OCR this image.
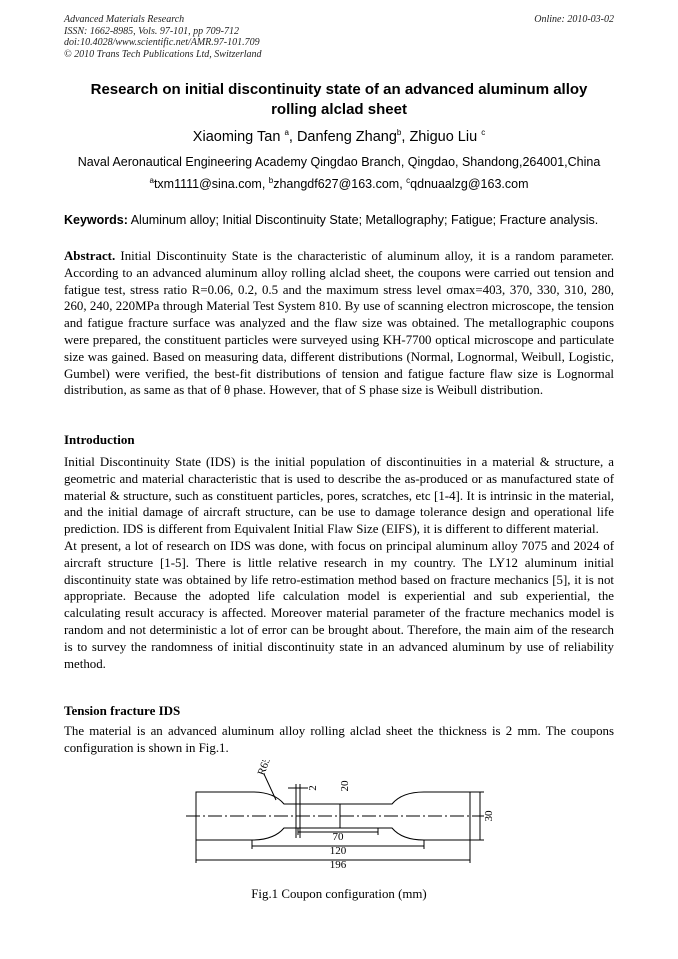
Advanced Materials Research
ISSN: 1662-8985, Vols. 97-101, pp 709-712
doi:10.4028/www.scientific.net/AMR.97-101.709
© 2010 Trans Tech Publications Ltd, Switzerland
Online: 2010-03-02
Research on initial discontinuity state of an advanced aluminum alloy rolling alclad sheet
Xiaoming Tan $^a$, Danfeng Zhang$^b$, Zhiguo Liu $^c$
Naval Aeronautical Engineering Academy Qingdao Branch, Qingdao, Shandong,264001,China
$^a$txm1111@sina.com, $^b$zhangdf627@163.com, $^c$qdnuaalzg@163.com
Keywords: Aluminum alloy; Initial Discontinuity State; Metallography; Fatigue; Fracture analysis.
Abstract. Initial Discontinuity State is the characteristic of aluminum alloy, it is a random parameter. According to an advanced aluminum alloy rolling alclad sheet, the coupons were carried out tension and fatigue test, stress ratio R=0.06, 0.2, 0.5 and the maximum stress level σmax=403, 370, 330, 310, 280, 260, 240, 220MPa through Material Test System 810. By use of scanning electron microscope, the tension and fatigue fracture surface was analyzed and the flaw size was obtained. The metallographic coupons were prepared, the constituent particles were surveyed using KH-7700 optical microscope and particulate size was gained. Based on measuring data, different distributions (Normal, Lognormal, Weibull, Logistic, Gumbel) were verified, the best-fit distributions of tension and fatigue facture flaw size is Lognormal distribution, as same as that of θ phase. However, that of S phase size is Weibull distribution.
Introduction
Initial Discontinuity State (IDS) is the initial population of discontinuities in a material & structure, a geometric and material characteristic that is used to describe the as-produced or as manufactured state of material & structure, such as constituent particles, pores, scratches, etc [1-4]. It is intrinsic in the material, and the initial damage of aircraft structure, can be use to damage tolerance design and operational life prediction. IDS is different from Equivalent Initial Flaw Size (EIFS), it is different to different material.
At present, a lot of research on IDS was done, with focus on principal aluminum alloy 7075 and 2024 of aircraft structure [1-5]. There is little relative research in my country. The LY12 aluminum initial discontinuity state was obtained by life retro-estimation method based on fracture mechanics [5], it is not appropriate. Because the adopted life calculation model is experiential and sub experiential, the calculating result accuracy is affected. Moreover material parameter of the fracture mechanics model is random and not deterministic a lot of error can be brought about. Therefore, the main aim of the research is to survey the randomness of initial discontinuity state in an advanced aluminum by use of reliability method.
Tension fracture IDS
The material is an advanced aluminum alloy rolling alclad sheet the thickness is 2 mm. The coupons configuration is shown in Fig.1.
2
R65
20
30
70
120
196
Fig.1 Coupon configuration (mm)
